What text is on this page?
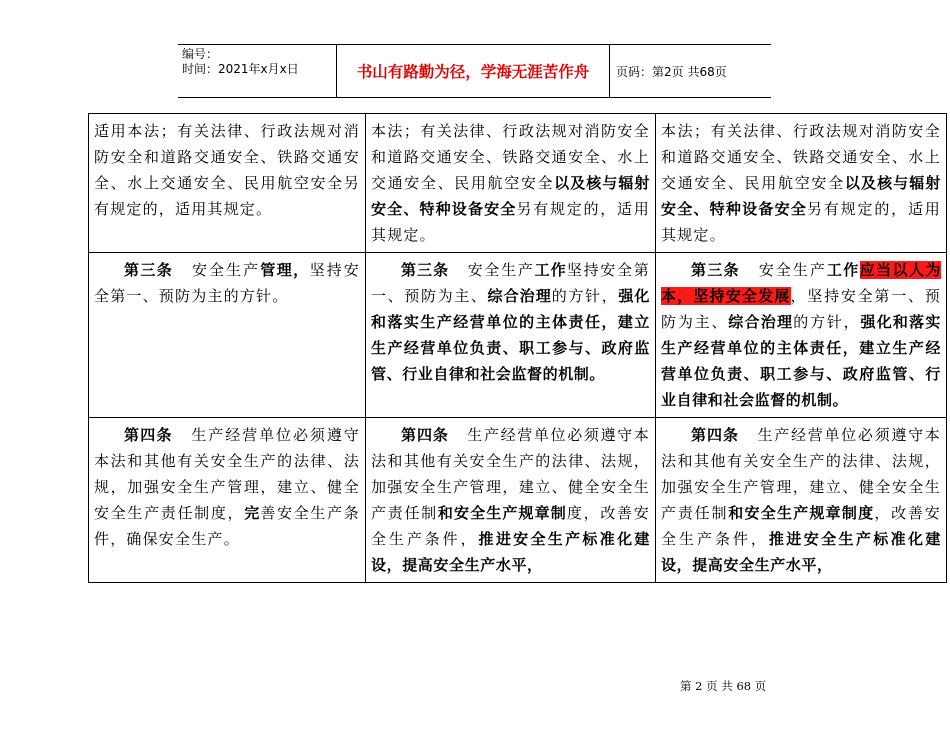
编号：
时间：2021年x月x日	书山有路勤为径，学海无涯苦作舟	页码：第2页 共68页
适用本法；有关法律、行政法规对消防安全和道路交通安全、铁路交通安全、水上交通安全、民用航空安全另有规定的，适用其规定。	本法；有关法律、行政法规对消防安全和道路交通安全、铁路交通安全、水上交通安全、民用航空安全以及核与辐射安全、特种设备安全另有规定的，适用其规定。	本法；有关法律、行政法规对消防安全和道路交通安全、铁路交通安全、水上交通安全、民用航空安全以及核与辐射安全、特种设备安全另有规定的，适用其规定。
第三条 安全生产管理，坚持安全第一、预防为主的方针。	第三条 安全生产工作坚持安全第一、预防为主、综合治理的方针，强化和落实生产经营单位的主体责任，建立生产经营单位负责、职工参与、政府监管、行业自律和社会监督的机制。	第三条 安全生产工作应当以人为本，坚持安全发展，坚持安全第一、预防为主、综合治理的方针，强化和落实生产经营单位的主体责任，建立生产经营单位负责、职工参与、政府监管、行业自律和社会监督的机制。
第四条 生产经营单位必须遵守本法和其他有关安全生产的法律、法规，加强安全生产管理，建立、健全安全生产责任制度，完善安全生产条件，确保安全生产。	第四条 生产经营单位必须遵守本法和其他有关安全生产的法律、法规，加强安全生产管理，建立、健全安全生产责任制和安全生产规章制度，改善安全生产条件，推进安全生产标准化建设，提高安全生产水平，	第四条 生产经营单位必须遵守本法和其他有关安全生产的法律、法规，加强安全生产管理，建立、健全安全生产责任制和安全生产规章制度，改善安全生产条件，推进安全生产标准化建设，提高安全生产水平，
第 2 页 共 68 页
